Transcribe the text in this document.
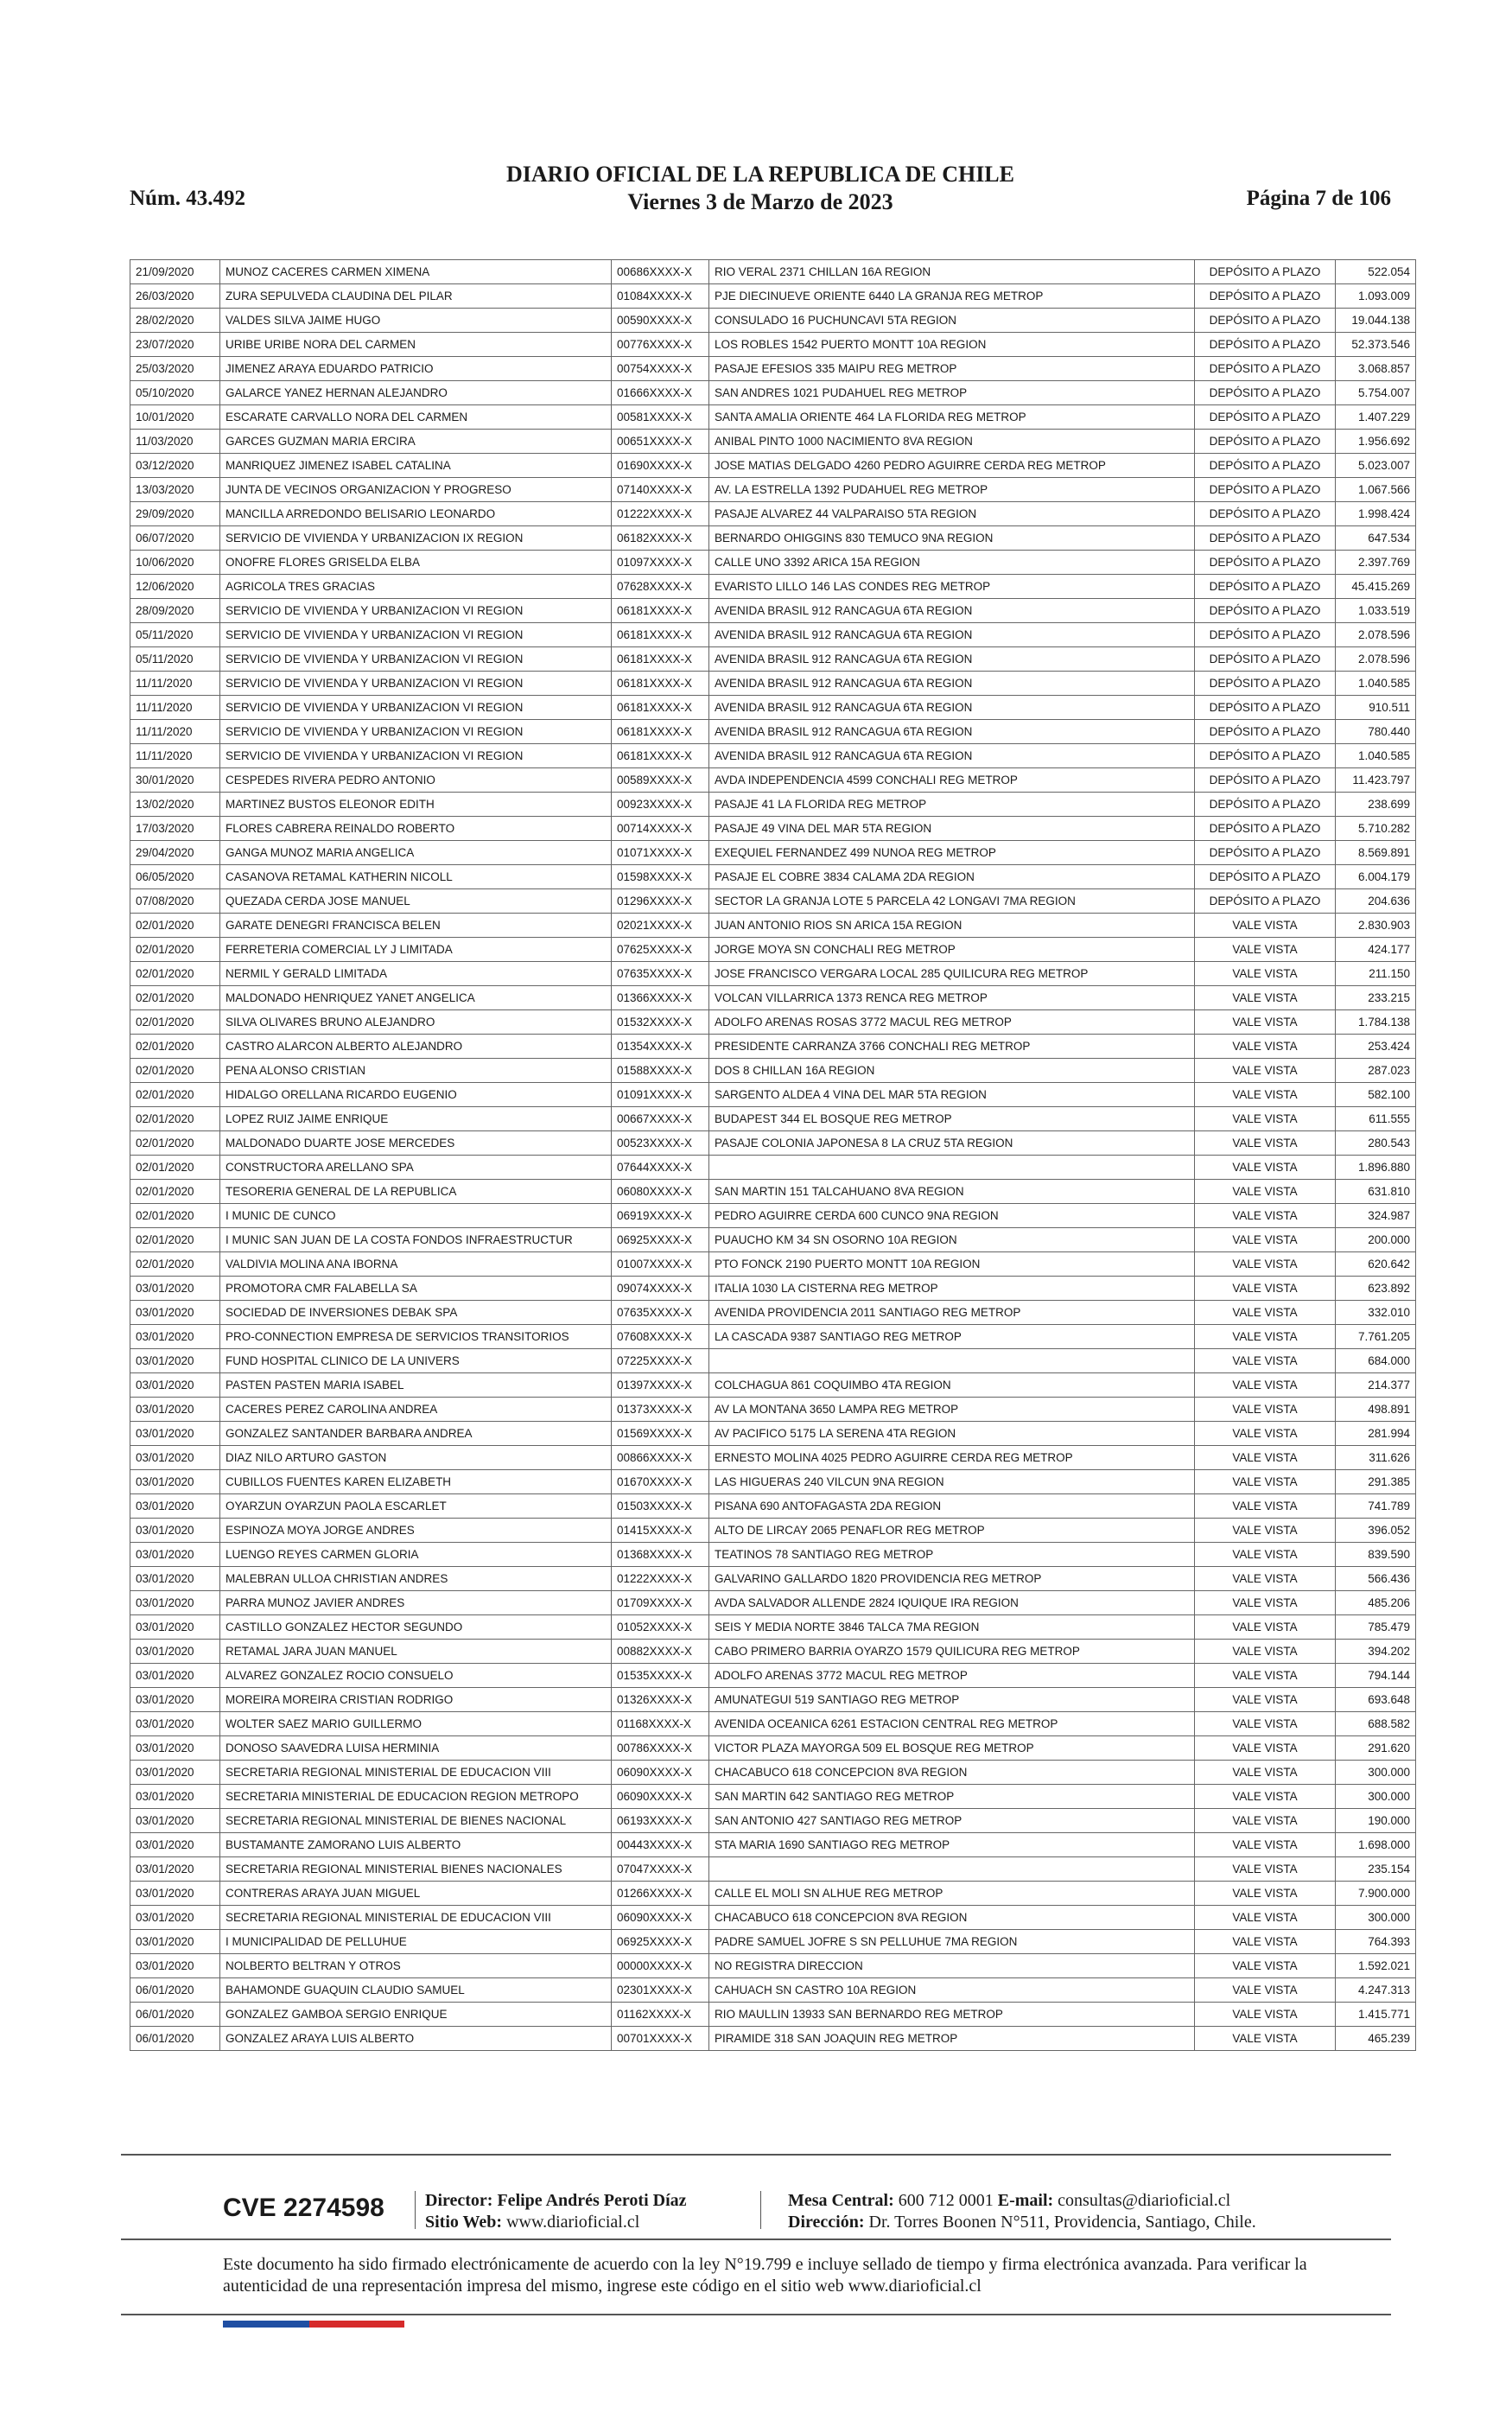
Núm. 43.492
DIARIO OFICIAL DE LA REPUBLICA DE CHILE
Viernes 3 de Marzo de 2023	Página 7 de 106
21/09/2020	MUNOZ CACERES CARMEN XIMENA	00686XXXX-X	RIO VERAL 2371 CHILLAN 16A REGION	DEPÓSITO A PLAZO	522.054
26/03/2020	ZURA SEPULVEDA CLAUDINA DEL PILAR	01084XXXX-X	PJE DIECINUEVE ORIENTE 6440 LA GRANJA REG METROP	DEPÓSITO A PLAZO	1.093.009
28/02/2020	VALDES SILVA JAIME HUGO	00590XXXX-X	CONSULADO 16 PUCHUNCAVI 5TA REGION	DEPÓSITO A PLAZO	19.044.138
23/07/2020	URIBE URIBE NORA DEL CARMEN	00776XXXX-X	LOS ROBLES 1542 PUERTO MONTT 10A REGION	DEPÓSITO A PLAZO	52.373.546
25/03/2020	JIMENEZ ARAYA EDUARDO PATRICIO	00754XXXX-X	PASAJE EFESIOS 335 MAIPU REG METROP	DEPÓSITO A PLAZO	3.068.857
05/10/2020	GALARCE YANEZ HERNAN ALEJANDRO	01666XXXX-X	SAN ANDRES 1021 PUDAHUEL REG METROP	DEPÓSITO A PLAZO	5.754.007
10/01/2020	ESCARATE CARVALLO NORA DEL CARMEN	00581XXXX-X	SANTA AMALIA ORIENTE 464 LA FLORIDA REG METROP	DEPÓSITO A PLAZO	1.407.229
11/03/2020	GARCES GUZMAN MARIA ERCIRA	00651XXXX-X	ANIBAL PINTO 1000 NACIMIENTO 8VA REGION	DEPÓSITO A PLAZO	1.956.692
03/12/2020	MANRIQUEZ JIMENEZ ISABEL CATALINA	01690XXXX-X	JOSE MATIAS DELGADO 4260 PEDRO AGUIRRE CERDA REG METROP	DEPÓSITO A PLAZO	5.023.007
13/03/2020	JUNTA DE VECINOS ORGANIZACION Y PROGRESO	07140XXXX-X	AV. LA ESTRELLA 1392 PUDAHUEL REG METROP	DEPÓSITO A PLAZO	1.067.566
29/09/2020	MANCILLA ARREDONDO BELISARIO LEONARDO	01222XXXX-X	PASAJE ALVAREZ 44 VALPARAISO 5TA REGION	DEPÓSITO A PLAZO	1.998.424
06/07/2020	SERVICIO DE VIVIENDA Y URBANIZACION IX REGION	06182XXXX-X	BERNARDO OHIGGINS 830 TEMUCO 9NA REGION	DEPÓSITO A PLAZO	647.534
10/06/2020	ONOFRE FLORES GRISELDA ELBA	01097XXXX-X	CALLE UNO 3392 ARICA 15A REGION	DEPÓSITO A PLAZO	2.397.769
12/06/2020	AGRICOLA TRES GRACIAS	07628XXXX-X	EVARISTO LILLO 146 LAS CONDES REG METROP	DEPÓSITO A PLAZO	45.415.269
28/09/2020	SERVICIO DE VIVIENDA Y URBANIZACION VI REGION	06181XXXX-X	AVENIDA BRASIL 912 RANCAGUA 6TA REGION	DEPÓSITO A PLAZO	1.033.519
05/11/2020	SERVICIO DE VIVIENDA Y URBANIZACION VI REGION	06181XXXX-X	AVENIDA BRASIL 912 RANCAGUA 6TA REGION	DEPÓSITO A PLAZO	2.078.596
05/11/2020	SERVICIO DE VIVIENDA Y URBANIZACION VI REGION	06181XXXX-X	AVENIDA BRASIL 912 RANCAGUA 6TA REGION	DEPÓSITO A PLAZO	2.078.596
11/11/2020	SERVICIO DE VIVIENDA Y URBANIZACION VI REGION	06181XXXX-X	AVENIDA BRASIL 912 RANCAGUA 6TA REGION	DEPÓSITO A PLAZO	1.040.585
11/11/2020	SERVICIO DE VIVIENDA Y URBANIZACION VI REGION	06181XXXX-X	AVENIDA BRASIL 912 RANCAGUA 6TA REGION	DEPÓSITO A PLAZO	910.511
11/11/2020	SERVICIO DE VIVIENDA Y URBANIZACION VI REGION	06181XXXX-X	AVENIDA BRASIL 912 RANCAGUA 6TA REGION	DEPÓSITO A PLAZO	780.440
11/11/2020	SERVICIO DE VIVIENDA Y URBANIZACION VI REGION	06181XXXX-X	AVENIDA BRASIL 912 RANCAGUA 6TA REGION	DEPÓSITO A PLAZO	1.040.585
30/01/2020	CESPEDES RIVERA PEDRO ANTONIO	00589XXXX-X	AVDA INDEPENDENCIA 4599 CONCHALI REG METROP	DEPÓSITO A PLAZO	11.423.797
13/02/2020	MARTINEZ BUSTOS ELEONOR EDITH	00923XXXX-X	PASAJE 41 LA FLORIDA REG METROP	DEPÓSITO A PLAZO	238.699
17/03/2020	FLORES CABRERA REINALDO ROBERTO	00714XXXX-X	PASAJE 49 VINA DEL MAR 5TA REGION	DEPÓSITO A PLAZO	5.710.282
29/04/2020	GANGA MUNOZ MARIA ANGELICA	01071XXXX-X	EXEQUIEL FERNANDEZ 499 NUNOA REG METROP	DEPÓSITO A PLAZO	8.569.891
06/05/2020	CASANOVA RETAMAL KATHERIN NICOLL	01598XXXX-X	PASAJE EL COBRE 3834 CALAMA 2DA REGION	DEPÓSITO A PLAZO	6.004.179
07/08/2020	QUEZADA CERDA JOSE MANUEL	01296XXXX-X	SECTOR LA GRANJA LOTE 5 PARCELA 42 LONGAVI 7MA REGION	DEPÓSITO A PLAZO	204.636
02/01/2020	GARATE DENEGRI FRANCISCA BELEN	02021XXXX-X	JUAN ANTONIO RIOS SN ARICA 15A REGION	VALE VISTA	2.830.903
02/01/2020	FERRETERIA COMERCIAL LY J LIMITADA	07625XXXX-X	JORGE MOYA SN CONCHALI REG METROP	VALE VISTA	424.177
02/01/2020	NERMIL Y GERALD LIMITADA	07635XXXX-X	JOSE FRANCISCO VERGARA LOCAL 285 QUILICURA REG METROP	VALE VISTA	211.150
02/01/2020	MALDONADO HENRIQUEZ YANET ANGELICA	01366XXXX-X	VOLCAN VILLARRICA 1373 RENCA REG METROP	VALE VISTA	233.215
02/01/2020	SILVA OLIVARES BRUNO ALEJANDRO	01532XXXX-X	ADOLFO ARENAS ROSAS 3772 MACUL REG METROP	VALE VISTA	1.784.138
02/01/2020	CASTRO ALARCON ALBERTO ALEJANDRO	01354XXXX-X	PRESIDENTE CARRANZA 3766 CONCHALI REG METROP	VALE VISTA	253.424
02/01/2020	PENA ALONSO CRISTIAN	01588XXXX-X	DOS 8 CHILLAN 16A REGION	VALE VISTA	287.023
02/01/2020	HIDALGO ORELLANA RICARDO EUGENIO	01091XXXX-X	SARGENTO ALDEA 4 VINA DEL MAR 5TA REGION	VALE VISTA	582.100
02/01/2020	LOPEZ RUIZ JAIME ENRIQUE	00667XXXX-X	BUDAPEST 344 EL BOSQUE REG METROP	VALE VISTA	611.555
02/01/2020	MALDONADO DUARTE JOSE MERCEDES	00523XXXX-X	PASAJE COLONIA JAPONESA 8 LA CRUZ 5TA REGION	VALE VISTA	280.543
02/01/2020	CONSTRUCTORA ARELLANO SPA	07644XXXX-X		VALE VISTA	1.896.880
02/01/2020	TESORERIA GENERAL DE LA REPUBLICA	06080XXXX-X	SAN MARTIN 151 TALCAHUANO 8VA REGION	VALE VISTA	631.810
02/01/2020	I MUNIC DE CUNCO	06919XXXX-X	PEDRO AGUIRRE CERDA 600 CUNCO 9NA REGION	VALE VISTA	324.987
02/01/2020	I MUNIC SAN JUAN DE LA COSTA FONDOS INFRAESTRUCTUR	06925XXXX-X	PUAUCHO KM 34 SN OSORNO 10A REGION	VALE VISTA	200.000
02/01/2020	VALDIVIA MOLINA ANA IBORNA	01007XXXX-X	PTO FONCK 2190 PUERTO MONTT 10A REGION	VALE VISTA	620.642
03/01/2020	PROMOTORA CMR FALABELLA SA	09074XXXX-X	ITALIA 1030 LA CISTERNA REG METROP	VALE VISTA	623.892
03/01/2020	SOCIEDAD DE INVERSIONES DEBAK SPA	07635XXXX-X	AVENIDA PROVIDENCIA 2011 SANTIAGO REG METROP	VALE VISTA	332.010
03/01/2020	PRO-CONNECTION EMPRESA DE SERVICIOS TRANSITORIOS	07608XXXX-X	LA CASCADA 9387 SANTIAGO REG METROP	VALE VISTA	7.761.205
03/01/2020	FUND HOSPITAL CLINICO DE LA UNIVERS	07225XXXX-X		VALE VISTA	684.000
03/01/2020	PASTEN PASTEN MARIA ISABEL	01397XXXX-X	COLCHAGUA 861 COQUIMBO 4TA REGION	VALE VISTA	214.377
03/01/2020	CACERES PEREZ CAROLINA ANDREA	01373XXXX-X	AV LA MONTANA 3650 LAMPA REG METROP	VALE VISTA	498.891
03/01/2020	GONZALEZ SANTANDER BARBARA ANDREA	01569XXXX-X	AV PACIFICO 5175 LA SERENA 4TA REGION	VALE VISTA	281.994
03/01/2020	DIAZ NILO ARTURO GASTON	00866XXXX-X	ERNESTO MOLINA 4025 PEDRO AGUIRRE CERDA REG METROP	VALE VISTA	311.626
03/01/2020	CUBILLOS FUENTES KAREN ELIZABETH	01670XXXX-X	LAS HIGUERAS 240 VILCUN 9NA REGION	VALE VISTA	291.385
03/01/2020	OYARZUN OYARZUN PAOLA ESCARLET	01503XXXX-X	PISANA 690 ANTOFAGASTA 2DA REGION	VALE VISTA	741.789
03/01/2020	ESPINOZA MOYA JORGE ANDRES	01415XXXX-X	ALTO DE LIRCAY 2065 PENAFLOR REG METROP	VALE VISTA	396.052
03/01/2020	LUENGO REYES CARMEN GLORIA	01368XXXX-X	TEATINOS 78 SANTIAGO REG METROP	VALE VISTA	839.590
03/01/2020	MALEBRAN ULLOA CHRISTIAN ANDRES	01222XXXX-X	GALVARINO GALLARDO 1820 PROVIDENCIA REG METROP	VALE VISTA	566.436
03/01/2020	PARRA MUNOZ JAVIER ANDRES	01709XXXX-X	AVDA SALVADOR ALLENDE 2824 IQUIQUE IRA REGION	VALE VISTA	485.206
03/01/2020	CASTILLO GONZALEZ HECTOR SEGUNDO	01052XXXX-X	SEIS Y MEDIA NORTE 3846 TALCA 7MA REGION	VALE VISTA	785.479
03/01/2020	RETAMAL JARA JUAN MANUEL	00882XXXX-X	CABO PRIMERO BARRIA OYARZO 1579 QUILICURA REG METROP	VALE VISTA	394.202
03/01/2020	ALVAREZ GONZALEZ ROCIO CONSUELO	01535XXXX-X	ADOLFO ARENAS 3772 MACUL REG METROP	VALE VISTA	794.144
03/01/2020	MOREIRA MOREIRA CRISTIAN RODRIGO	01326XXXX-X	AMUNATEGUI 519 SANTIAGO REG METROP	VALE VISTA	693.648
03/01/2020	WOLTER SAEZ MARIO GUILLERMO	01168XXXX-X	AVENIDA OCEANICA 6261 ESTACION CENTRAL REG METROP	VALE VISTA	688.582
03/01/2020	DONOSO SAAVEDRA LUISA HERMINIA	00786XXXX-X	VICTOR PLAZA MAYORGA 509 EL BOSQUE REG METROP	VALE VISTA	291.620
03/01/2020	SECRETARIA REGIONAL MINISTERIAL DE EDUCACION VIII	06090XXXX-X	CHACABUCO 618 CONCEPCION 8VA REGION	VALE VISTA	300.000
03/01/2020	SECRETARIA MINISTERIAL DE EDUCACION REGION METROPO	06090XXXX-X	SAN MARTIN 642 SANTIAGO REG METROP	VALE VISTA	300.000
03/01/2020	SECRETARIA REGIONAL MINISTERIAL DE BIENES NACIONAL	06193XXXX-X	SAN ANTONIO 427 SANTIAGO REG METROP	VALE VISTA	190.000
03/01/2020	BUSTAMANTE ZAMORANO LUIS ALBERTO	00443XXXX-X	STA MARIA 1690 SANTIAGO REG METROP	VALE VISTA	1.698.000
03/01/2020	SECRETARIA REGIONAL MINISTERIAL BIENES NACIONALES	07047XXXX-X		VALE VISTA	235.154
03/01/2020	CONTRERAS ARAYA JUAN MIGUEL	01266XXXX-X	CALLE EL MOLI SN ALHUE REG METROP	VALE VISTA	7.900.000
03/01/2020	SECRETARIA REGIONAL MINISTERIAL DE EDUCACION VIII	06090XXXX-X	CHACABUCO 618 CONCEPCION 8VA REGION	VALE VISTA	300.000
03/01/2020	I MUNICIPALIDAD DE PELLUHUE	06925XXXX-X	PADRE SAMUEL JOFRE S SN PELLUHUE 7MA REGION	VALE VISTA	764.393
03/01/2020	NOLBERTO BELTRAN Y OTROS	00000XXXX-X	NO REGISTRA DIRECCION	VALE VISTA	1.592.021
06/01/2020	BAHAMONDE GUAQUIN CLAUDIO SAMUEL	02301XXXX-X	CAHUACH SN CASTRO 10A REGION	VALE VISTA	4.247.313
06/01/2020	GONZALEZ GAMBOA SERGIO ENRIQUE	01162XXXX-X	RIO MAULLIN 13933 SAN BERNARDO REG METROP	VALE VISTA	1.415.771
06/01/2020	GONZALEZ ARAYA LUIS ALBERTO	00701XXXX-X	PIRAMIDE 318 SAN JOAQUIN REG METROP	VALE VISTA	465.239
CVE 2274598 Director: Felipe Andrés Peroti Díaz
Sitio Web: www.diarioficial.cl
Mesa Central: 600 712 0001 E-mail: consultas@diarioficial.cl
Dirección: Dr. Torres Boonen N°511, Providencia, Santiago, Chile.
Este documento ha sido firmado electrónicamente de acuerdo con la ley N°19.799 e incluye sellado de tiempo y firma electrónica avanzada. Para verificar la autenticidad de una representación impresa del mismo, ingrese este código en el sitio web www.diarioficial.cl
